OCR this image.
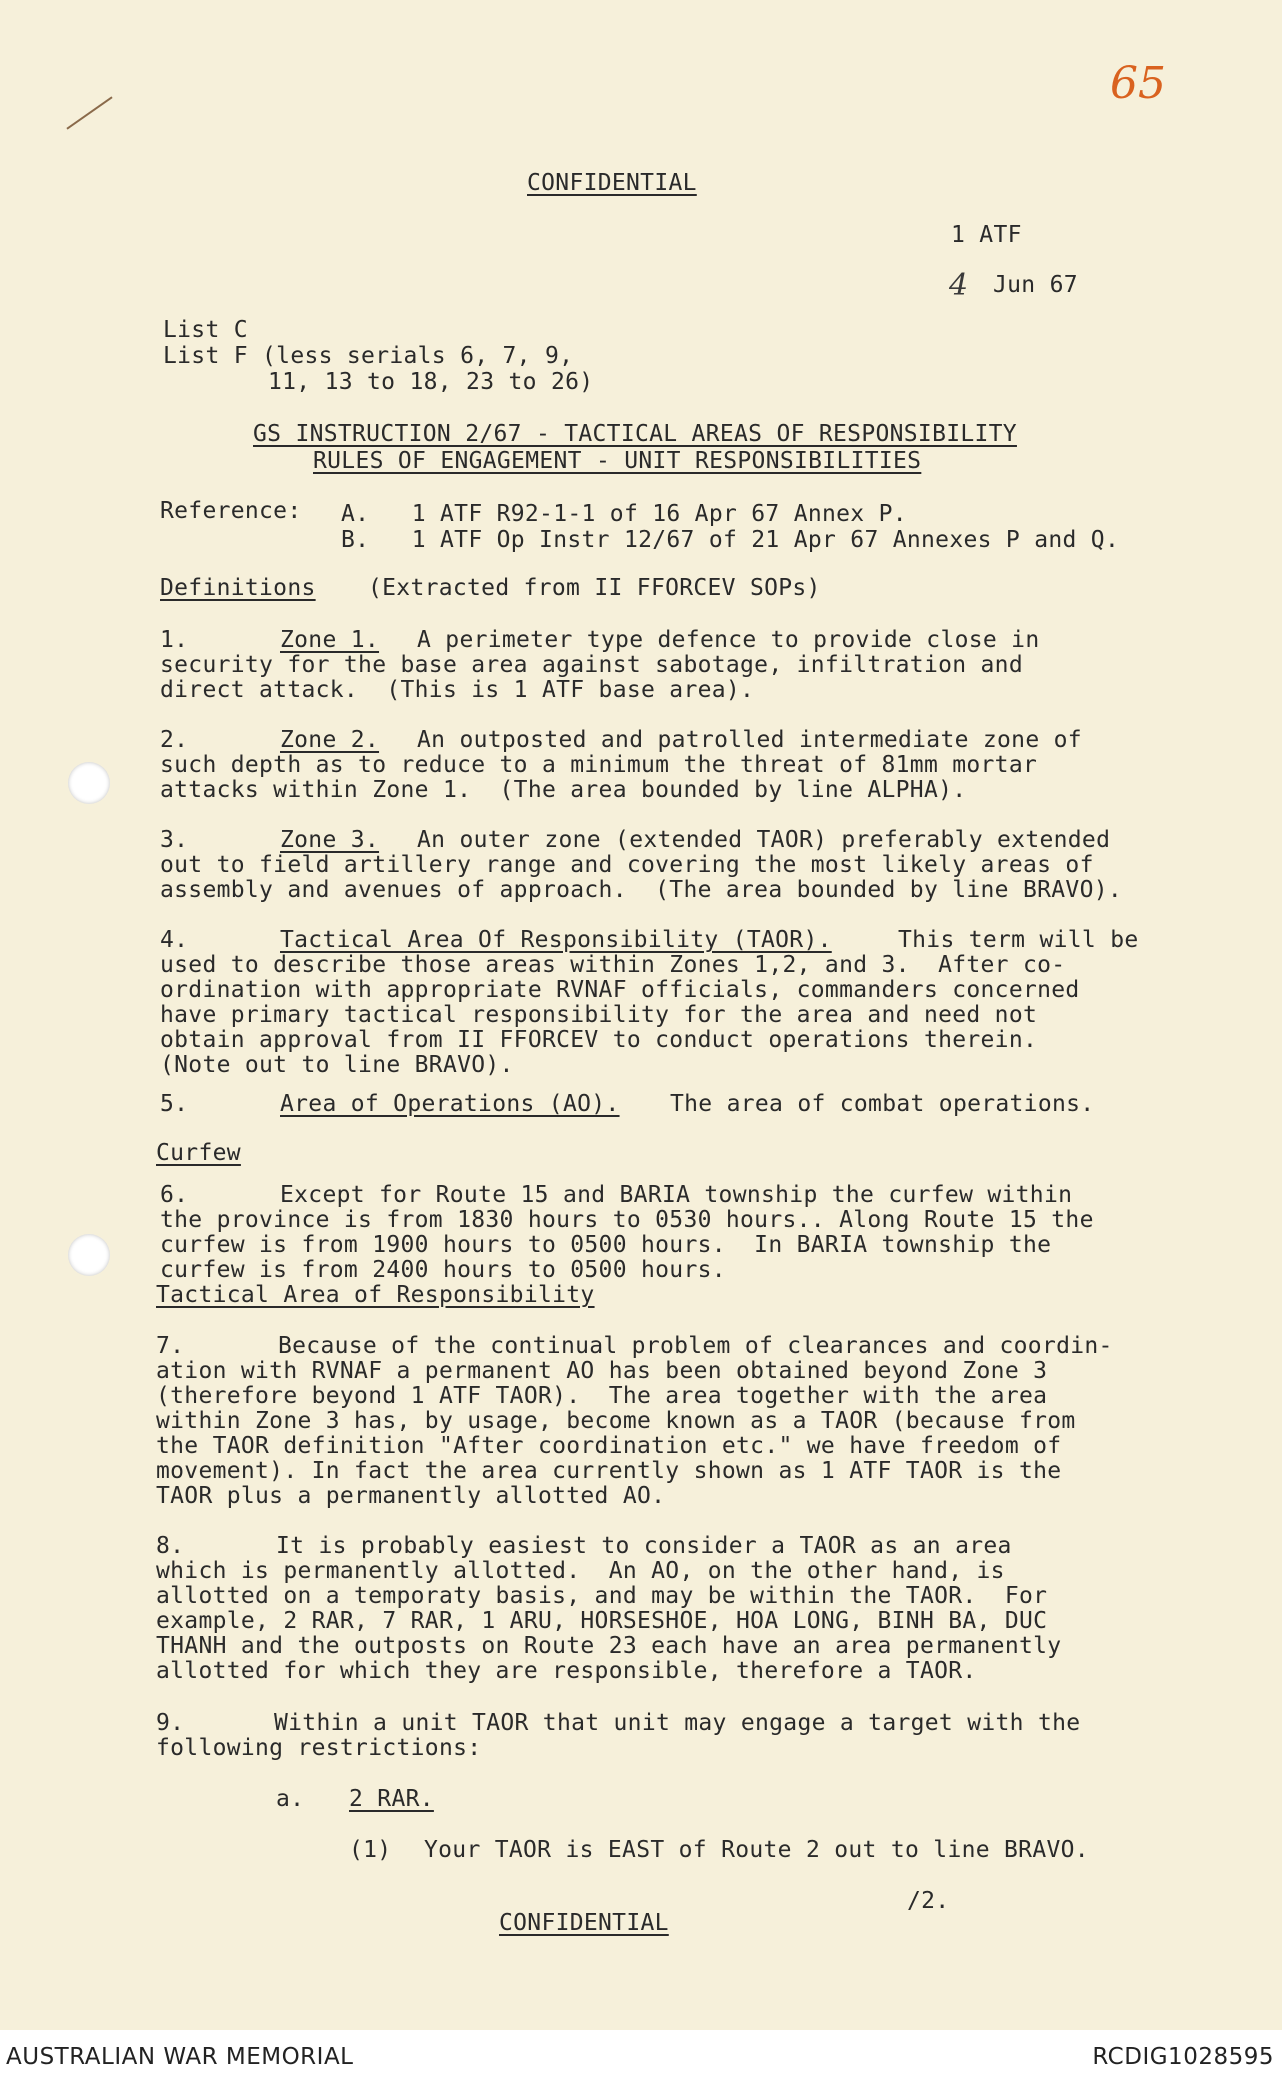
65
CONFIDENTIAL
1 ATF
4 Jun 67
List C
List F (less serials 6, 7, 9,
11, 13 to 18, 23 to 26)
GS INSTRUCTION 2/67 - TACTICAL AREAS OF RESPONSIBILITY
RULES OF ENGAGEMENT - UNIT RESPONSIBILITIES
Reference: A.   1 ATF R92-1-1 of 16 Apr 67 Annex P.
B.   1 ATF Op Instr 12/67 of 21 Apr 67 Annexes P and Q.
Definitions (Extracted from II FFORCEV SOPs)
1.	Zone 1. A perimeter type defence to provide close in
security for the base area against sabotage, infiltration and
direct attack.  (This is 1 ATF base area).
2.	Zone 2. An outposted and patrolled intermediate zone of
such depth as to reduce to a minimum the threat of 81mm mortar
attacks within Zone 1.  (The area bounded by line ALPHA).
3.	Zone 3. An outer zone (extended TAOR) preferably extended
out to field artillery range and covering the most likely areas of
assembly and avenues of approach.  (The area bounded by line BRAVO).
4.	Tactical Area Of Responsibility (TAOR).	This term will be
used to describe those areas within Zones 1,2, and 3.  After co-
ordination with appropriate RVNAF officials, commanders concerned
have primary tactical responsibility for the area and need not
obtain approval from II FFORCEV to conduct operations therein.
(Note out to line BRAVO).
5.	Area of Operations (AO). The area of combat operations.
Curfew
6.	Except for Route 15 and BARIA township the curfew within
the province is from 1830 hours to 0530 hours.. Along Route 15 the
curfew is from 1900 hours to 0500 hours.  In BARIA township the
curfew is from 2400 hours to 0500 hours.
Tactical Area of Responsibility
7.	Because of the continual problem of clearances and coordin-
ation with RVNAF a permanent AO has been obtained beyond Zone 3
(therefore beyond 1 ATF TAOR).  The area together with the area
within Zone 3 has, by usage, become known as a TAOR (because from
the TAOR definition "After coordination etc." we have freedom of
movement). In fact the area currently shown as 1 ATF TAOR is the
TAOR plus a permanently allotted AO.
8.	It is probably easiest to consider a TAOR as an area
which is permanently allotted.  An AO, on the other hand, is
allotted on a temporaty basis, and may be within the TAOR.  For
example, 2 RAR, 7 RAR, 1 ARU, HORSESHOE, HOA LONG, BINH BA, DUC
THANH and the outposts on Route 23 each have an area permanently
allotted for which they are responsible, therefore a TAOR.
9.	Within a unit TAOR that unit may engage a target with the
following restrictions:
a. 2 RAR.
(1) Your TAOR is EAST of Route 2 out to line BRAVO.
/2.
CONFIDENTIAL
AUSTRALIAN WAR MEMORIAL	RCDIG1028595
